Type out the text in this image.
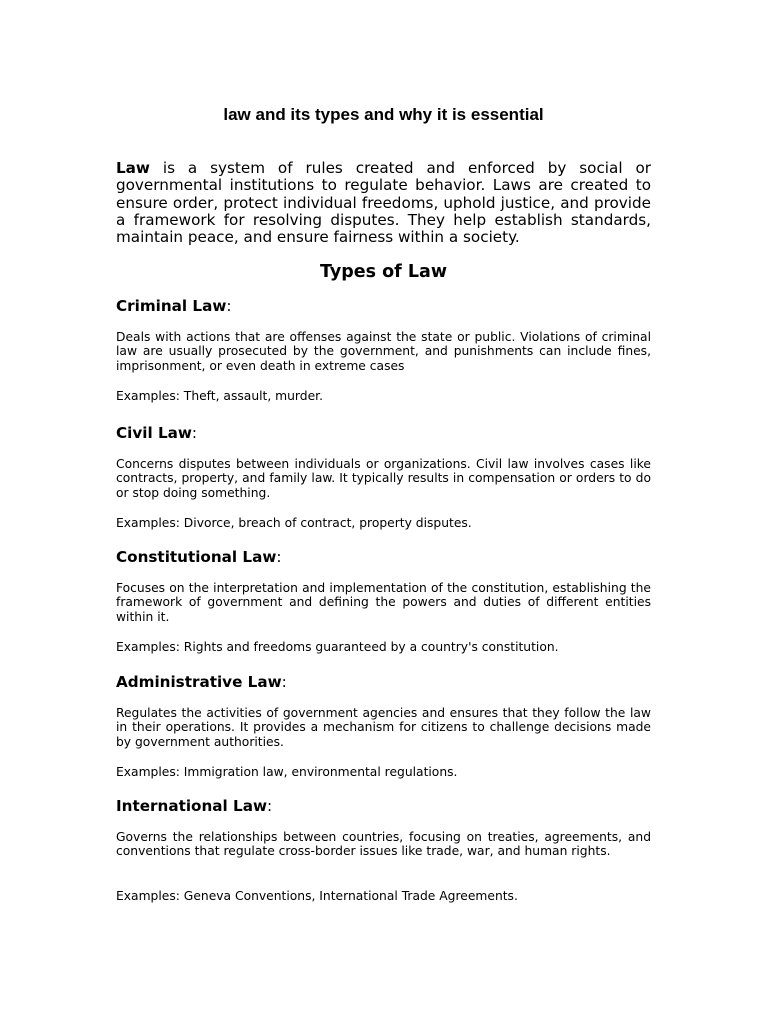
law and its types and why it is essential

Law is a system of rules created and enforced by social or governmental institutions to regulate behavior. Laws are created to ensure order, protect individual freedoms, uphold justice, and provide a framework for resolving disputes. They help establish standards, maintain peace, and ensure fairness within a society.

Types of Law
Criminal Law:

Deals with actions that are offenses against the state or public. Violations of criminal law are usually prosecuted by the government, and punishments can include fines, imprisonment, or even death in extreme cases

Examples: Theft, assault, murder.

Civil Law:

Concerns disputes between individuals or organizations. Civil law involves cases like contracts, property, and family law. It typically results in compensation or orders to do or stop doing something.

Examples: Divorce, breach of contract, property disputes.

Constitutional Law:

Focuses on the interpretation and implementation of the constitution, establishing the framework of government and defining the powers and duties of different entities within it.

Examples: Rights and freedoms guaranteed by a country's constitution.

Administrative Law:

Regulates the activities of government agencies and ensures that they follow the law in their operations. It provides a mechanism for citizens to challenge decisions made by government authorities.

Examples: Immigration law, environmental regulations.

International Law:

Governs the relationships between countries, focusing on treaties, agreements, and conventions that regulate cross-border issues like trade, war, and human rights.

Examples: Geneva Conventions, International Trade Agreements.
